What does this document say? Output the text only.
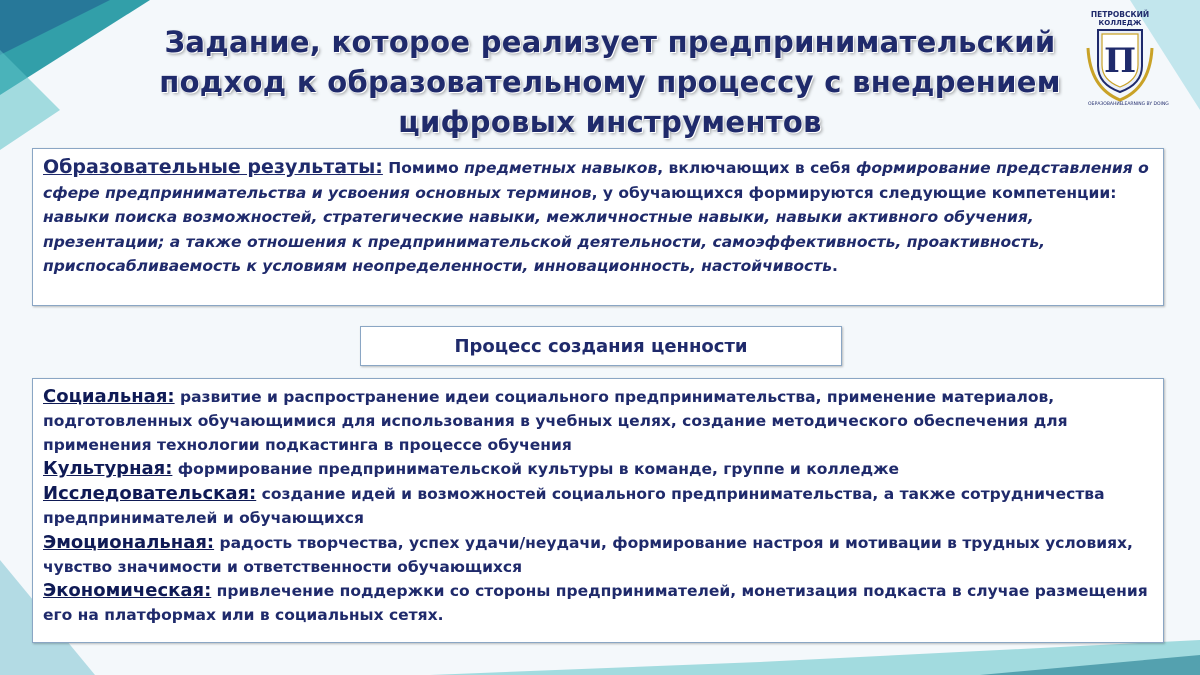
Задание, которое реализует предпринимательский
подход к образовательному процессу с внедрением
цифровых инструментов
ПЕТРОВСКИЙ
КОЛЛЕДЖ
П
ОБРАЗОВАНИЕ LEARNING BY DOING
Образовательные результаты: Помимо предметных навыков, включающих в себя формирование представления о сфере предпринимательства и усвоения основных терминов, у обучающихся формируются следующие компетенции: навыки поиска возможностей, стратегические навыки, межличностные навыки, навыки активного обучения, презентации; а также отношения к предпринимательской деятельности, самоэффективность, проактивность, приспосабливаемость к условиям неопределенности, инновационность, настойчивость.
Процесс создания ценности
Социальная: развитие и распространение идеи социального предпринимательства, применение материалов, подготовленных обучающимися для использования в учебных целях, создание методического обеспечения для применения технологии подкастинга в процессе обучения
Культурная: формирование предпринимательской культуры в команде, группе и колледже
Исследовательская: создание идей и возможностей социального предпринимательства, а также сотрудничества предпринимателей и обучающихся
Эмоциональная: радость творчества, успех удачи/неудачи, формирование настроя и мотивации в трудных условиях, чувство значимости и ответственности обучающихся
Экономическая: привлечение поддержки со стороны предпринимателей, монетизация подкаста в случае размещения его на платформах или в социальных сетях.
